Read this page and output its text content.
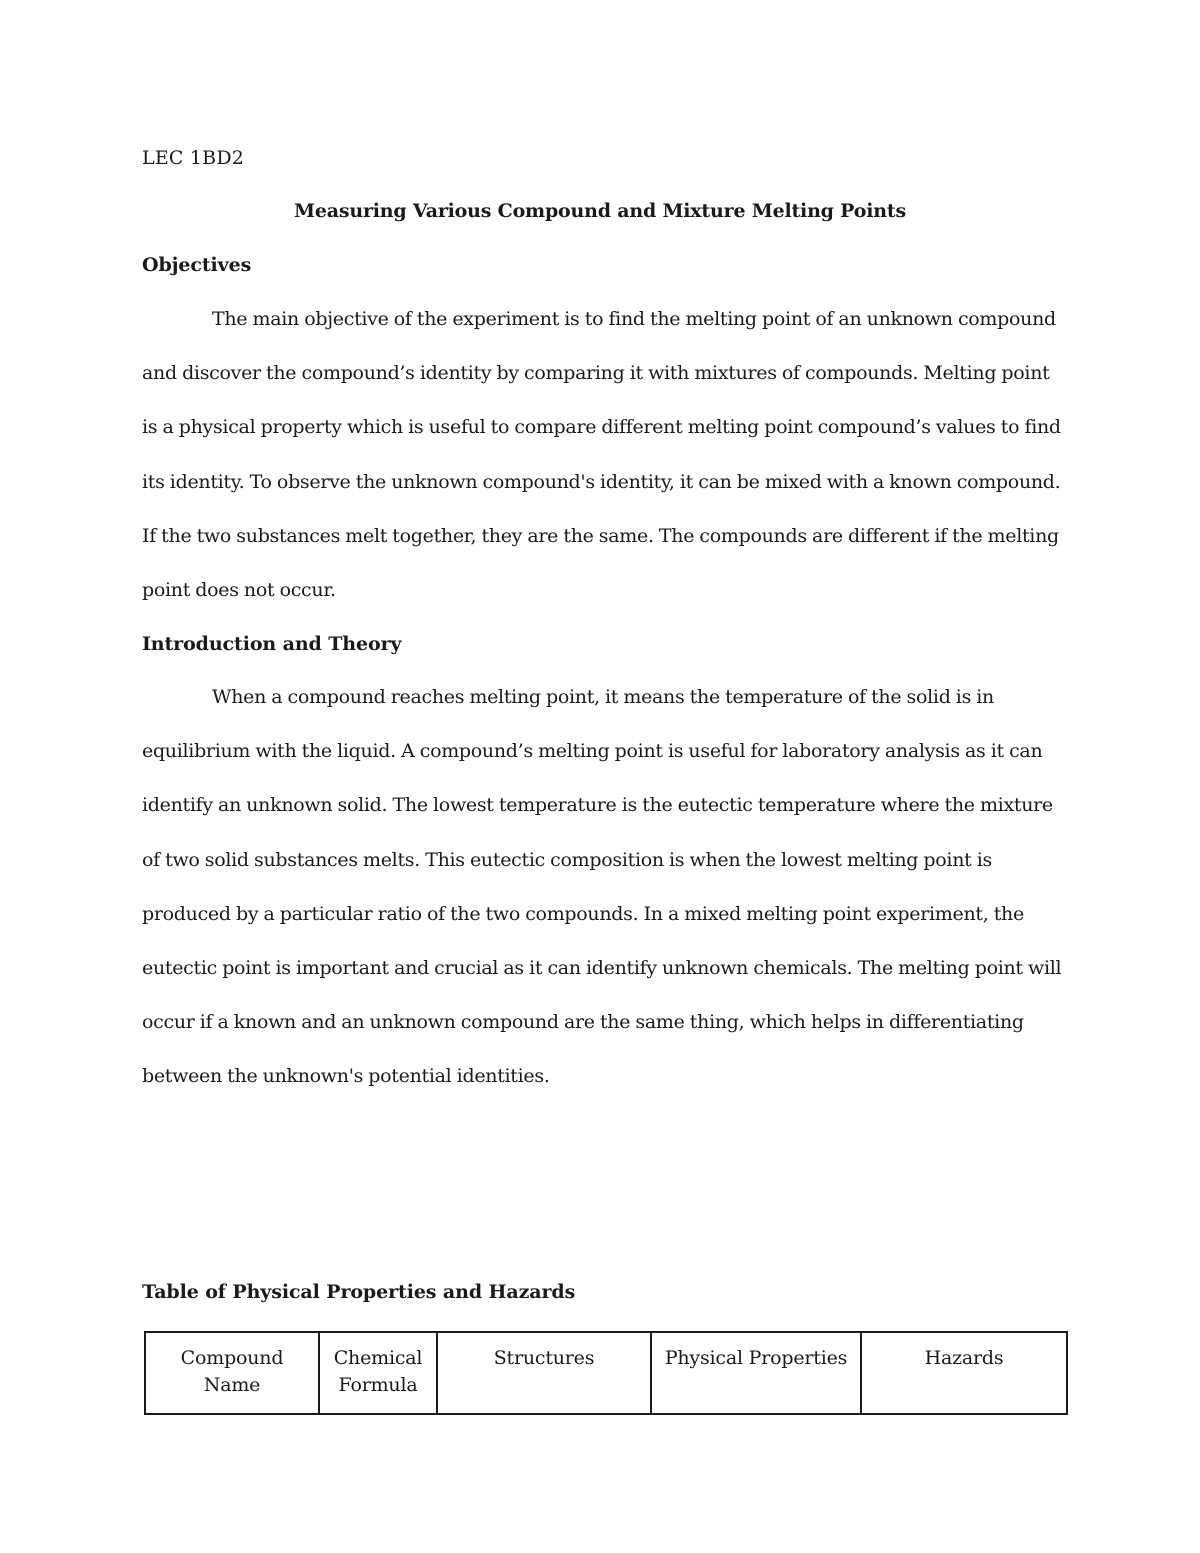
LEC 1BD2
Measuring Various Compound and Mixture Melting Points
Objectives

The main objective of the experiment is to find the melting point of an unknown compound and discover the compound’s identity by comparing it with mixtures of compounds. Melting point is a physical property which is useful to compare different melting point compound’s values to find its identity. To observe the unknown compound's identity, it can be mixed with a known compound. If the two substances melt together, they are the same. The compounds are different if the melting point does not occur.

Introduction and Theory

When a compound reaches melting point, it means the temperature of the solid is in equilibrium with the liquid. A compound’s melting point is useful for laboratory analysis as it can identify an unknown solid. The lowest temperature is the eutectic temperature where the mixture of two solid substances melts. This eutectic composition is when the lowest melting point is produced by a particular ratio of the two compounds. In a mixed melting point experiment, the eutectic point is important and crucial as it can identify unknown chemicals. The melting point will occur if a known and an unknown compound are the same thing, which helps in differentiating between the unknown's potential identities.

Table of Physical Properties and Hazards
Compound Name	Chemical Formula	Structures	Physical Properties	Hazards
